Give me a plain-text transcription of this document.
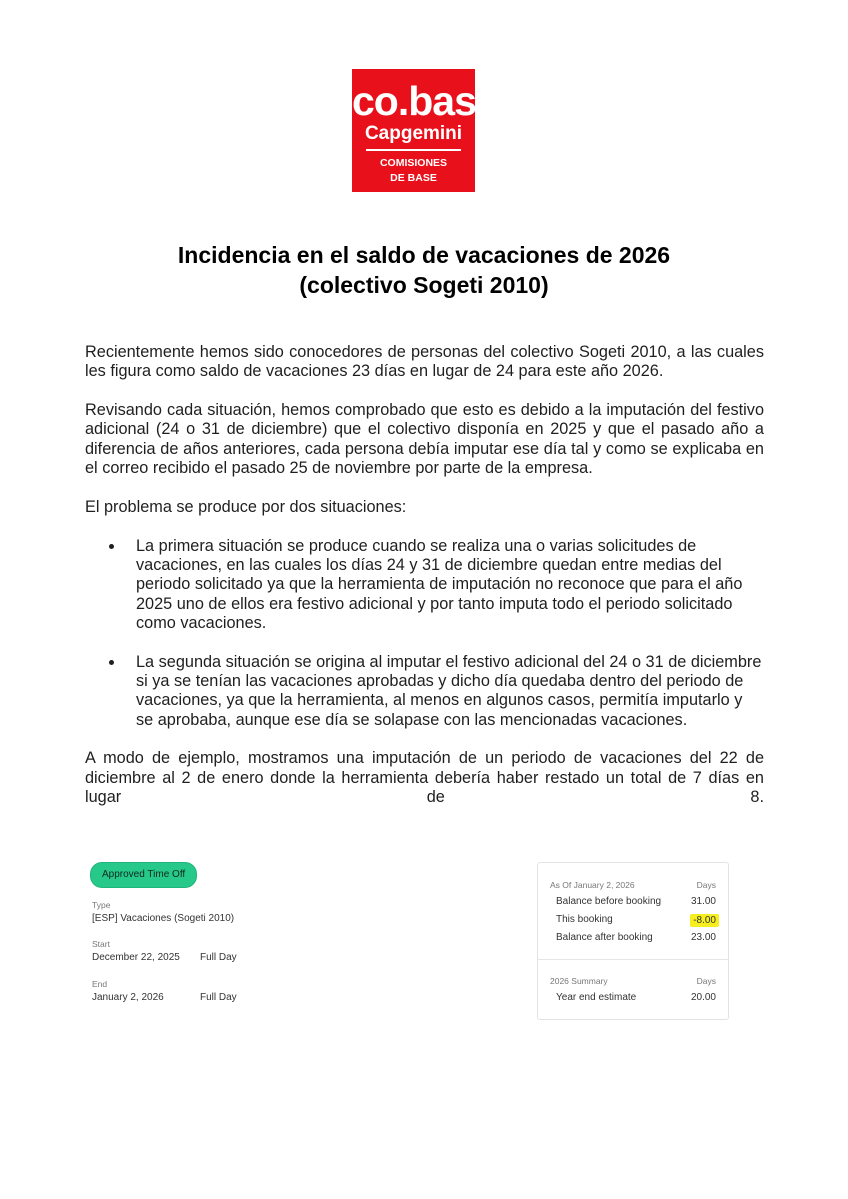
co.bas
Capgemini
COMISIONES
DE BASE
Incidencia en el saldo de vacaciones de 2026
(colectivo Sogeti 2010)

Recientemente hemos sido conocedores de personas del colectivo Sogeti 2010, a las cuales les figura como saldo de vacaciones 23 días en lugar de 24 para este año 2026.

Revisando cada situación, hemos comprobado que esto es debido a la imputación del festivo adicional (24 o 31 de diciembre) que el colectivo disponía en 2025 y que el pasado año a diferencia de años anteriores, cada persona debía imputar ese día tal y como se explicaba en el correo recibido el pasado 25 de noviembre por parte de la empresa.

El problema se produce por dos situaciones:

La primera situación se produce cuando se realiza una o varias solicitudes de vacaciones, en las cuales los días 24 y 31 de diciembre quedan entre medias del periodo solicitado ya que la herramienta de imputación no reconoce que para el año 2025 uno de ellos era festivo adicional y por tanto imputa todo el periodo solicitado como vacaciones.
La segunda situación se origina al imputar el festivo adicional del 24 o 31 de diciembre si ya se tenían las vacaciones aprobadas y dicho día quedaba dentro del periodo de vacaciones, ya que la herramienta, al menos en algunos casos, permitía imputarlo y se aprobaba, aunque ese día se solapase con las mencionadas vacaciones.

A modo de ejemplo, mostramos una imputación de un periodo de vacaciones del 22 de diciembre al 2 de enero donde la herramienta debería haber restado un total de 7 días en lugar de 8.

Approved Time Off
Type
[ESP] Vacaciones (Sogeti 2010)
Start
December 22, 2025 Full Day
End
January 2, 2026	Full Day
As Of January 2, 2026	Days
Balance before booking	31.00
This booking	-8.00
Balance after booking	23.00
2026 Summary	Days
Year end estimate	20.00
